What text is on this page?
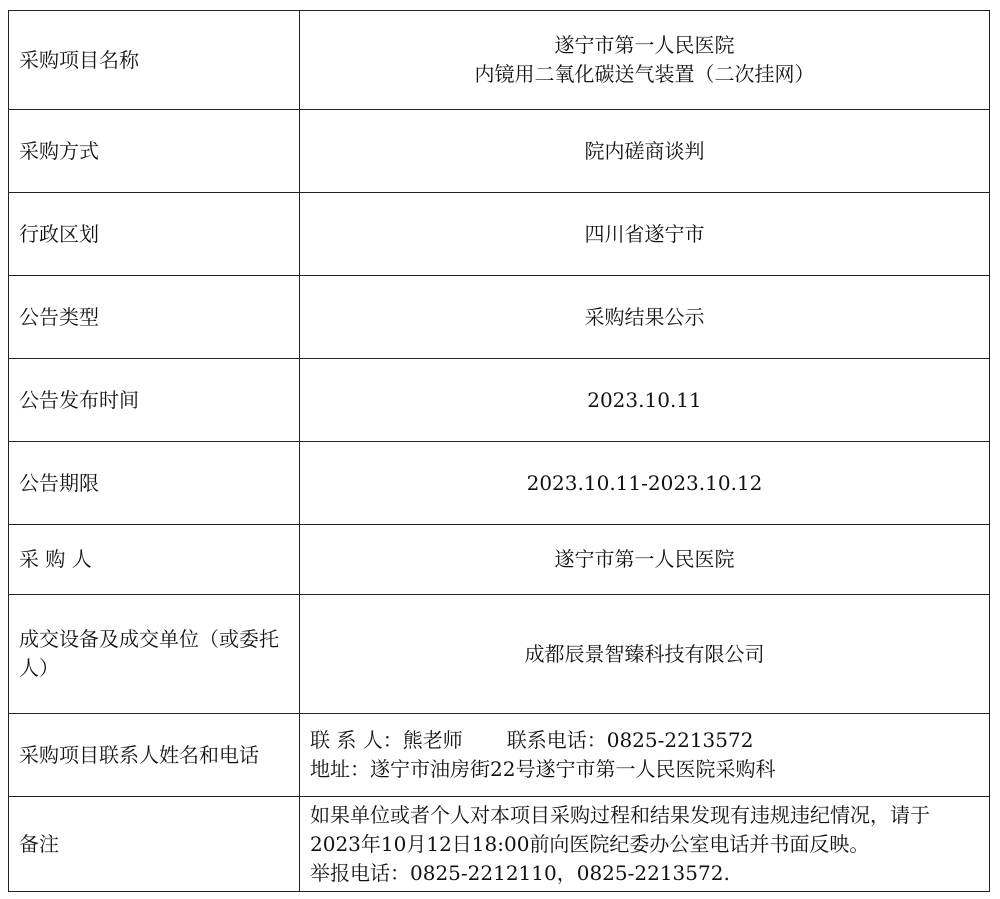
采购项目名称	遂宁市第一人民医院
内镜用二氧化碳送气装置（二次挂网）

采购方式	院内磋商谈判
行政区划	四川省遂宁市
公告类型	采购结果公示
公告发布时间	2023.10.11
公告期限	2023.10.11-2023.10.12
采 购 人	遂宁市第一人民医院
成交设备及成交单位（或委托人）	成都辰景智臻科技有限公司
采购项目联系人姓名和电话	联 系 人：熊老师 联系电话：0825-2213572
地址：遂宁市油房街22号遂宁市第一人民医院采购科

备注	如果单位或者个人对本项目采购过程和结果发现有违规违纪情况，请于2023年10月12日18:00前向医院纪委办公室电话并书面反映。
举报电话：0825-2212110，0825-2213572.
